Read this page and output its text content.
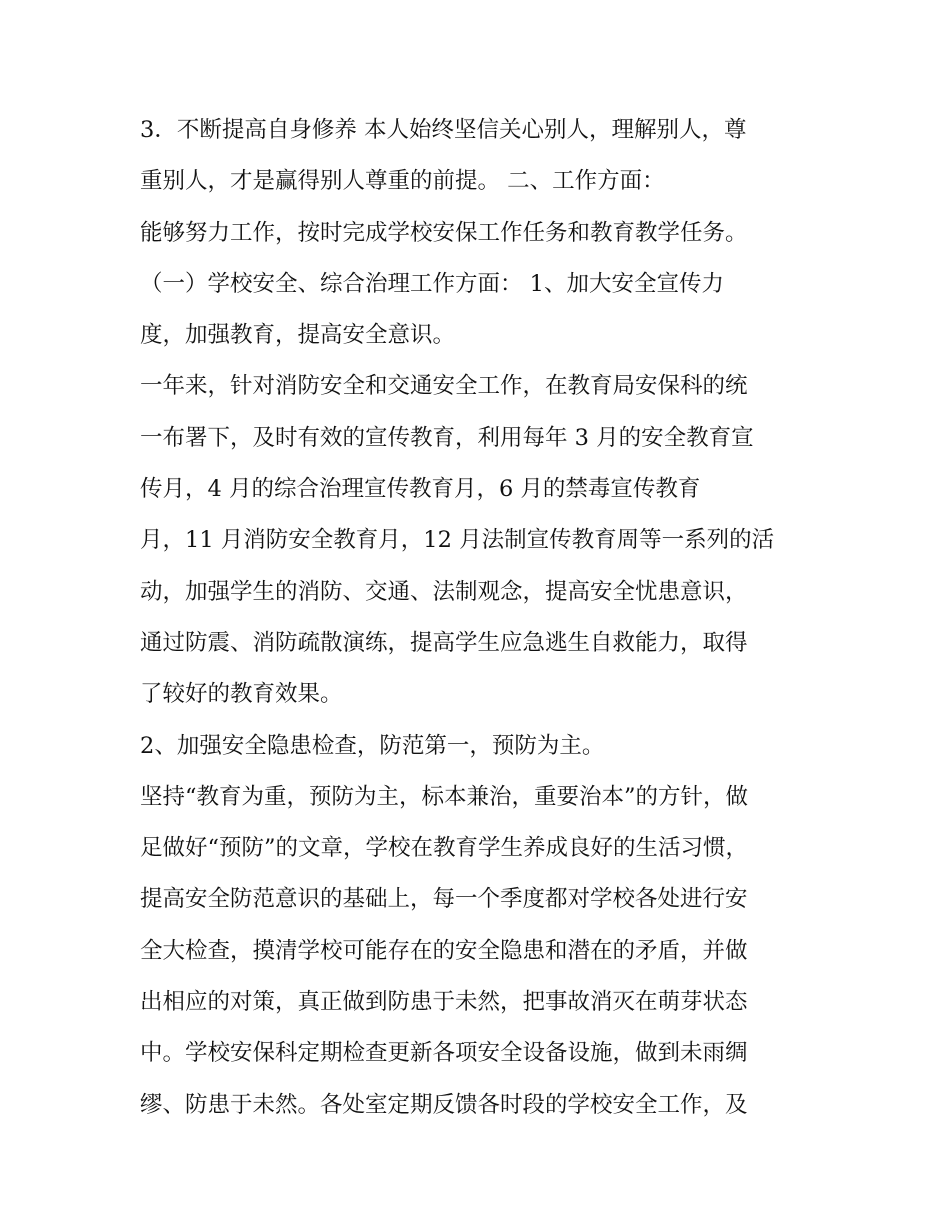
3．不断提高自身修养 本人始终坚信关心别人，理解别人，尊

重别人，才是赢得别人尊重的前提。 二、工作方面：

能够努力工作，按时完成学校安保工作任务和教育教学任务。

（一）学校安全、综合治理工作方面： 1、加大安全宣传力

度，加强教育，提高安全意识。

一年来，针对消防安全和交通安全工作，在教育局安保科的统

一布署下，及时有效的宣传教育，利用每年 3 月的安全教育宣

传月，4 月的综合治理宣传教育月，6 月的禁毒宣传教育

月，11 月消防安全教育月，12 月法制宣传教育周等一系列的活

动，加强学生的消防、交通、法制观念，提高安全忧患意识，

通过防震、消防疏散演练，提高学生应急逃生自救能力，取得

了较好的教育效果。

2、加强安全隐患检查，防范第一，预防为主。

坚持“教育为重，预防为主，标本兼治，重要治本”的方针，做

足做好“预防”的文章，学校在教育学生养成良好的生活习惯，

提高安全防范意识的基础上，每一个季度都对学校各处进行安

全大检查，摸清学校可能存在的安全隐患和潜在的矛盾，并做

出相应的对策，真正做到防患于未然，把事故消灭在萌芽状态

中。学校安保科定期检查更新各项安全设备设施，做到未雨绸

缪、防患于未然。各处室定期反馈各时段的学校安全工作，及
